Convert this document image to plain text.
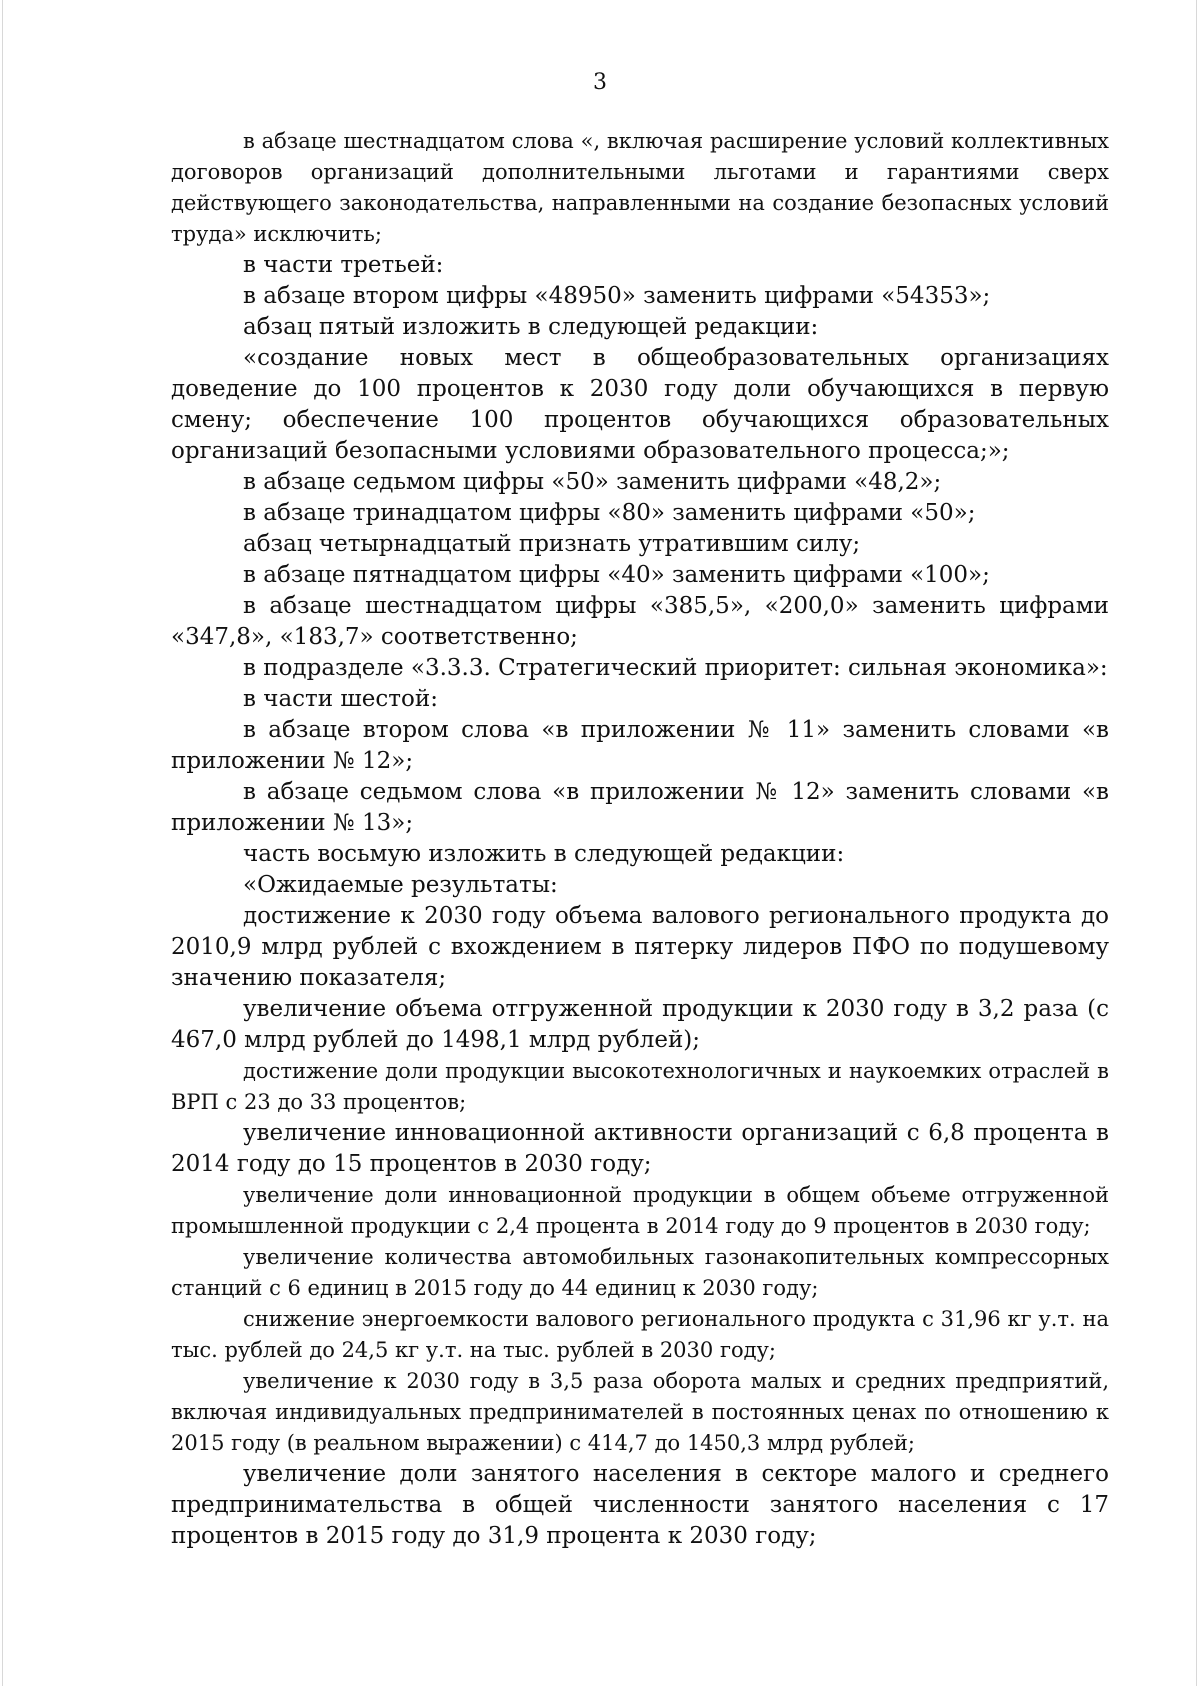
3

в абзаце шестнадцатом слова «, включая расширение условий коллективных договоров организаций дополнительными льготами и гарантиями сверх действующего законодательства, направленными на создание безопасных условий труда» исключить;

в части третьей:

в абзаце втором цифры «48950» заменить цифрами «54353»;

абзац пятый изложить в следующей редакции:

«создание новых мест в общеобразовательных организациях доведение до 100 процентов к 2030 году доли обучающихся в первую смену; обеспечение 100 процентов обучающихся образовательных организаций безопасными условиями образовательного процесса;»;

в абзаце седьмом цифры «50» заменить цифрами «48,2»;

в абзаце тринадцатом цифры «80» заменить цифрами «50»;

абзац четырнадцатый признать утратившим силу;

в абзаце пятнадцатом цифры «40» заменить цифрами «100»;

в абзаце шестнадцатом цифры «385,5», «200,0» заменить цифрами «347,8», «183,7» соответственно;

в подразделе «3.3.3. Стратегический приоритет: сильная экономика»:

в части шестой:

в абзаце втором слова «в приложении № 11» заменить словами «в приложении № 12»;

в абзаце седьмом слова «в приложении № 12» заменить словами «в приложении № 13»;

часть восьмую изложить в следующей редакции:

«Ожидаемые результаты:

достижение к 2030 году объема валового регионального продукта до 2010,9 млрд рублей с вхождением в пятерку лидеров ПФО по подушевому значению показателя;

увеличение объема отгруженной продукции к 2030 году в 3,2 раза (с 467,0 млрд рублей до 1498,1 млрд рублей);

достижение доли продукции высокотехнологичных и наукоемких отраслей в ВРП с 23 до 33 процентов;

увеличение инновационной активности организаций с 6,8 процента в 2014 году до 15 процентов в 2030 году;

увеличение доли инновационной продукции в общем объеме отгруженной промышленной продукции с 2,4 процента в 2014 году до 9 процентов в 2030 году;

увеличение количества автомобильных газонакопительных компрессорных станций с 6 единиц в 2015 году до 44 единиц к 2030 году;

снижение энергоемкости валового регионального продукта с 31,96 кг у.т. на тыс. рублей до 24,5 кг у.т. на тыс. рублей в 2030 году;

увеличение к 2030 году в 3,5 раза оборота малых и средних предприятий, включая индивидуальных предпринимателей в постоянных ценах по отношению к 2015 году (в реальном выражении) с 414,7 до 1450,3 млрд рублей;

увеличение доли занятого населения в секторе малого и среднего предпринимательства в общей численности занятого населения с 17 процентов в 2015 году до 31,9 процента к 2030 году;
